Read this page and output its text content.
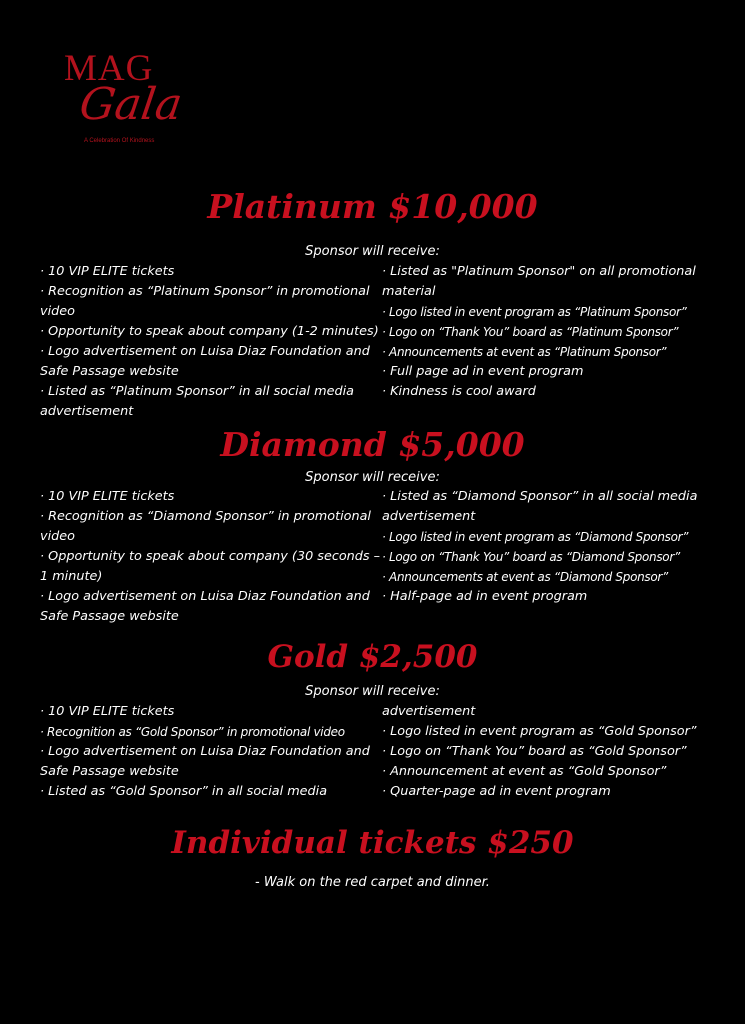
MAG
Gala
A Celebration Of Kindness
Platinum $10,000
Sponsor will receive:
· 10 VIP ELITE tickets
· Recognition as “Platinum Sponsor” in promotional video
· Opportunity to speak about company (1-2 minutes)
· Logo advertisement on Luisa Diaz Foundation and Safe Passage website
· Listed as “Platinum Sponsor” in all social media advertisement
· Listed as "Platinum Sponsor" on all promotional material
· Logo listed in event program as “Platinum Sponsor”
· Logo on “Thank You” board as “Platinum Sponsor”
· Announcements at event as “Platinum Sponsor”
· Full page ad in event program
· Kindness is cool award
Diamond $5,000
Sponsor will receive:
· 10 VIP ELITE tickets
· Recognition as “Diamond Sponsor” in promotional video
· Opportunity to speak about company (30 seconds – 1 minute)
· Logo advertisement on Luisa Diaz Foundation and Safe Passage website
· Listed as “Diamond Sponsor” in all social media advertisement
· Logo listed in event program as “Diamond Sponsor”
· Logo on “Thank You” board as “Diamond Sponsor”
· Announcements at event as “Diamond Sponsor”
· Half-page ad in event program
Gold $2,500
Sponsor will receive:
· 10 VIP ELITE tickets
· Recognition as “Gold Sponsor” in promotional video
· Logo advertisement on Luisa Diaz Foundation and Safe Passage website
· Listed as “Gold Sponsor” in all social media
advertisement
· Logo listed in event program as “Gold Sponsor”
· Logo on “Thank You” board as “Gold Sponsor”
· Announcement at event as “Gold Sponsor”
· Quarter-page ad in event program
Individual tickets $250
- Walk on the red carpet and dinner.
